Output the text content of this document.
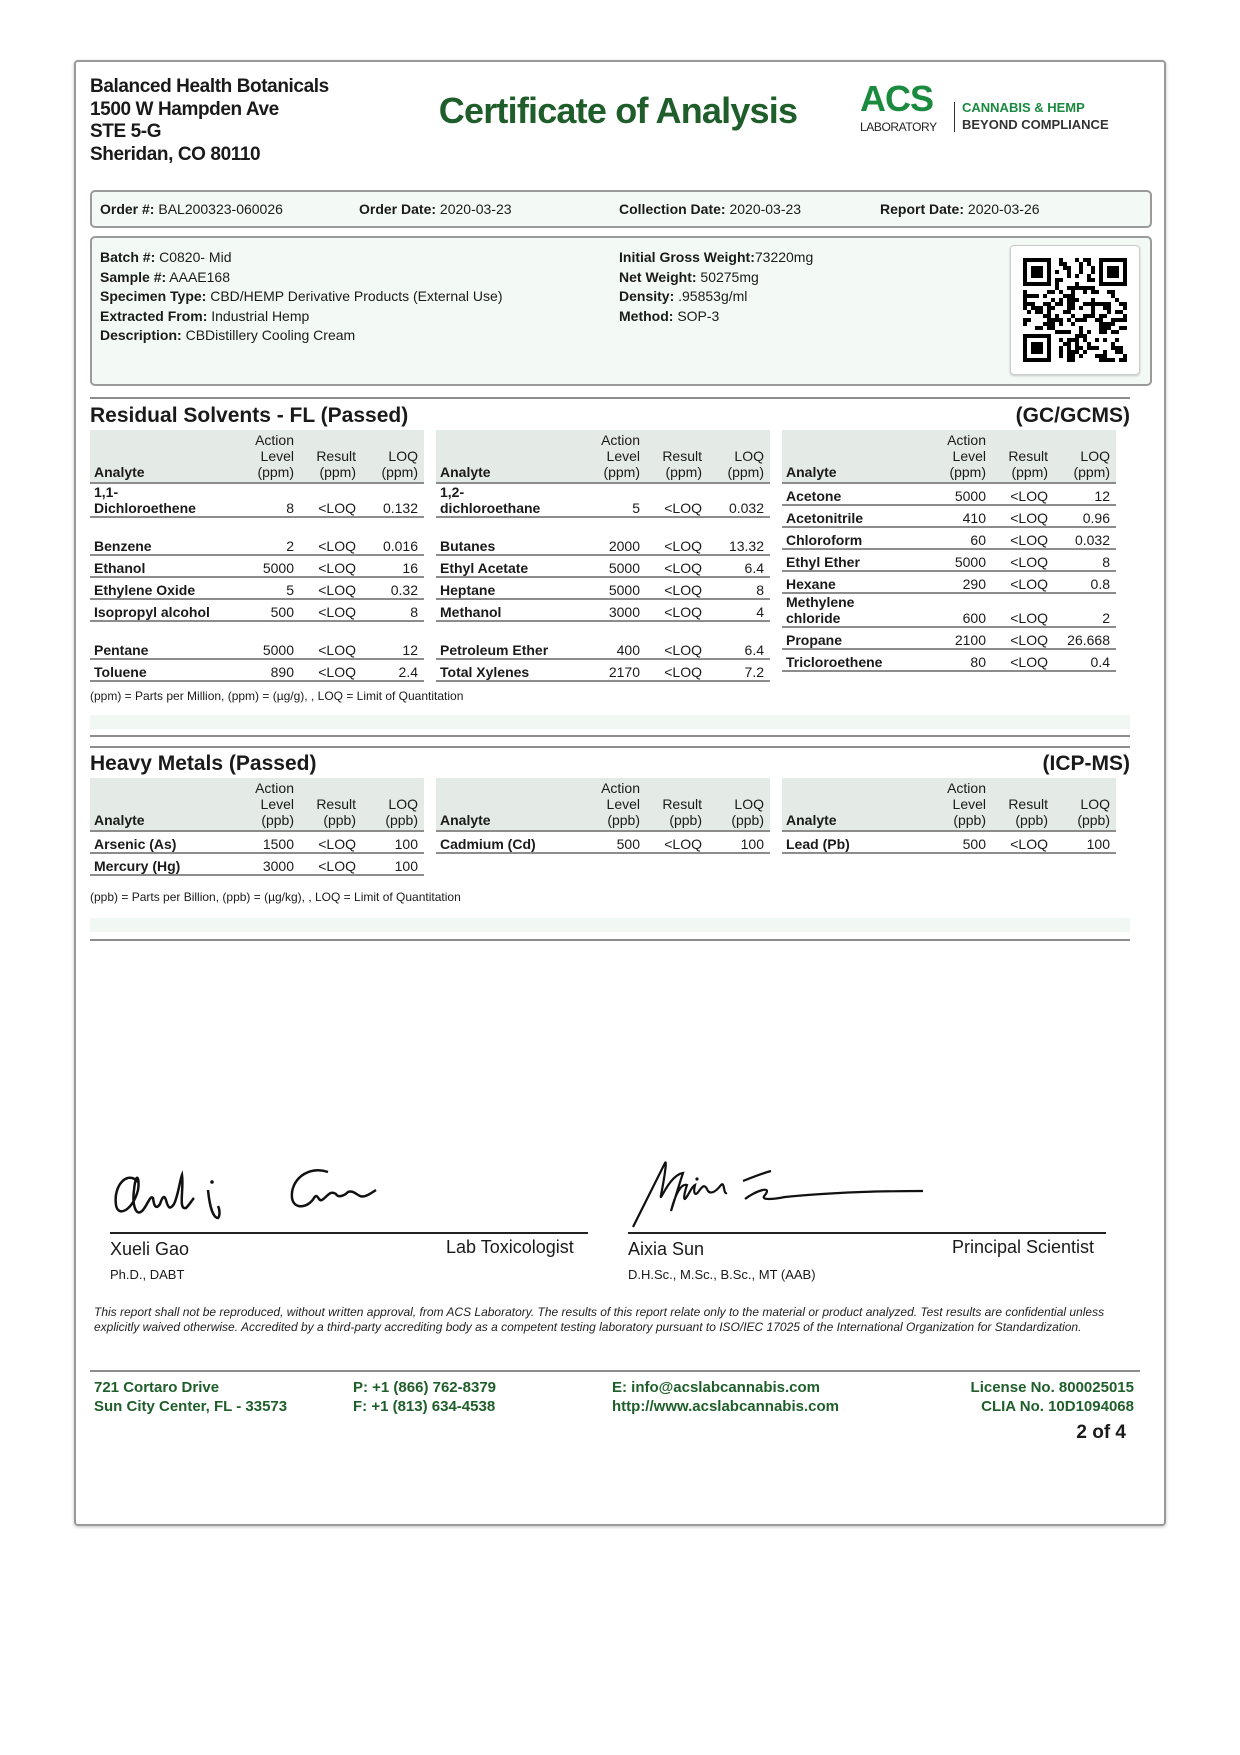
Balanced Health Botanicals
1500 W Hampden Ave
STE 5-G
Sheridan, CO 80110
Certificate of Analysis	ACS
LABORATORY
CANNABIS & HEMP
BEYOND COMPLIANCE
Order #: BAL200323-060026	Order Date: 2020-03-23	Collection Date: 2020-03-23	Report Date: 2020-03-26
Batch #: C0820- Mid
Sample #: AAAE168
Specimen Type: CBD/HEMP Derivative Products (External Use)
Extracted From: Industrial Hemp
Description: CBDistillery Cooling Cream
Initial Gross Weight:73220mg
Net Weight: 50275mg
Density: .95853g/ml
Method: SOP-3
Residual Solvents - FL (Passed)	(GC/GCMS)
Analyte	Action
Level
(ppm)	Result
(ppm)	LOQ
(ppm)
1,1-
Dichloroethene	8	<LOQ	0.132
Benzene	2	<LOQ	0.016
Ethanol	5000	<LOQ	16
Ethylene Oxide	5	<LOQ	0.32
Isopropyl alcohol	500	<LOQ	8
Pentane	5000	<LOQ	12
Toluene	890	<LOQ	2.4
Analyte	Action
Level
(ppm)	Result
(ppm)	LOQ
(ppm)
1,2-
dichloroethane	5	<LOQ	0.032
Butanes	2000	<LOQ	13.32
Ethyl Acetate	5000	<LOQ	6.4
Heptane	5000	<LOQ	8
Methanol	3000	<LOQ	4
Petroleum Ether	400	<LOQ	6.4
Total Xylenes	2170	<LOQ	7.2
Analyte	Action
Level
(ppm)	Result
(ppm)	LOQ
(ppm)
Acetone	5000	<LOQ	12
Acetonitrile	410	<LOQ	0.96
Chloroform	60	<LOQ	0.032
Ethyl Ether	5000	<LOQ	8
Hexane	290	<LOQ	0.8
Methylene
chloride	600	<LOQ	2
Propane	2100	<LOQ	26.668
Tricloroethene	80	<LOQ	0.4
(ppm) = Parts per Million, (ppm) = (µg/g), , LOQ = Limit of Quantitation
Heavy Metals (Passed)	(ICP-MS)
Analyte	Action
Level
(ppb)	Result
(ppb)	LOQ
(ppb)
Arsenic (As)	1500	<LOQ	100
Mercury (Hg)	3000	<LOQ	100
Analyte	Action
Level
(ppb)	Result
(ppb)	LOQ
(ppb)
Cadmium (Cd)	500	<LOQ	100
Analyte	Action
Level
(ppb)	Result
(ppb)	LOQ
(ppb)
Lead (Pb)	500	<LOQ	100
(ppb) = Parts per Billion, (ppb) = (µg/kg), , LOQ = Limit of Quantitation
Xueli Gao	Lab Toxicologist
Ph.D., DABT
Aixia Sun	Principal Scientist
D.H.Sc., M.Sc., B.Sc., MT (AAB)
This report shall not be reproduced, without written approval, from ACS Laboratory. The results of this report relate only to the material or product analyzed. Test results are confidential unless explicitly waived otherwise. Accredited by a third-party accrediting body as a competent testing laboratory pursuant to ISO/IEC 17025 of the International Organization for Standardization.
721 Cortaro Drive
Sun City Center, FL - 33573
P: +1 (866) 762-8379
F: +1 (813) 634-4538
E: info@acslabcannabis.com
http://www.acslabcannabis.com
License No. 800025015
CLIA No. 10D1094068
2 of 4
